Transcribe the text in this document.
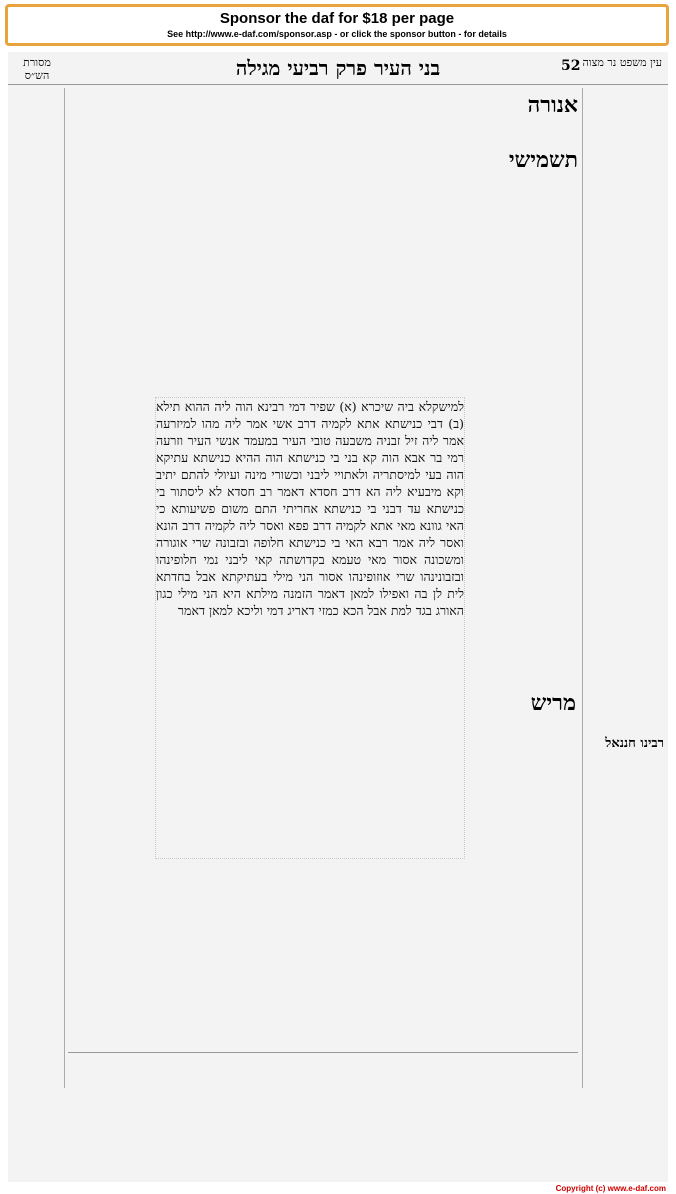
Sponsor the daf for $18 per page
See http://www.e-daf.com/sponsor.asp - or click the sponsor button - for details
עין משפט נר מצוה
52
בני העיר פרק רביעי מגילה
מסורת הש״ס
רבינו חננאל
אנורה
תשמישי
מריש
למישקלא ביה שיכרא (א) שפיר דמי רבינא הוה ליה ההוא תילא (ב) דבי כנישתא אתא לקמיה דרב אשי אמר ליה מהו למיזרעה אמר ליה זיל זבניה משבעה טובי העיר במעמד אנשי העיר וזרעה רמי בר אבא הוה קא בני בי כנישתא הוה ההיא כנישתא עתיקא הוה בעי למיסתריה ולאתויי ליבני וכשורי מינה ועיולי להתם יתיב וקא מיבעיא ליה הא דרב חסדא דאמר רב חסדא לא ליסתור בי כנישתא עד דבני בי כנישתא אחריתי התם משום פשיעותא כי האי גוונא מאי אתא לקמיה דרב פפא ואסר ליה לקמיה דרב הונא ואסר ליה אמר רבא האי בי כנישתא חלופה ובזבונה שרי אוגורה ומשכונה אסור מאי טעמא בקדושתה קאי ליבני נמי חלופינהו ובזבונינהו שרי אוזופינהו אסור הני מילי בעתיקתא אבל בחדתא לית לן בה ואפילו למאן דאמר הזמנה מילתא היא הני מילי כגון האורג בגד למת אבל הכא כמזי דאריג דמי וליכא למאן דאמר
Copyright (c) www.e-daf.com
